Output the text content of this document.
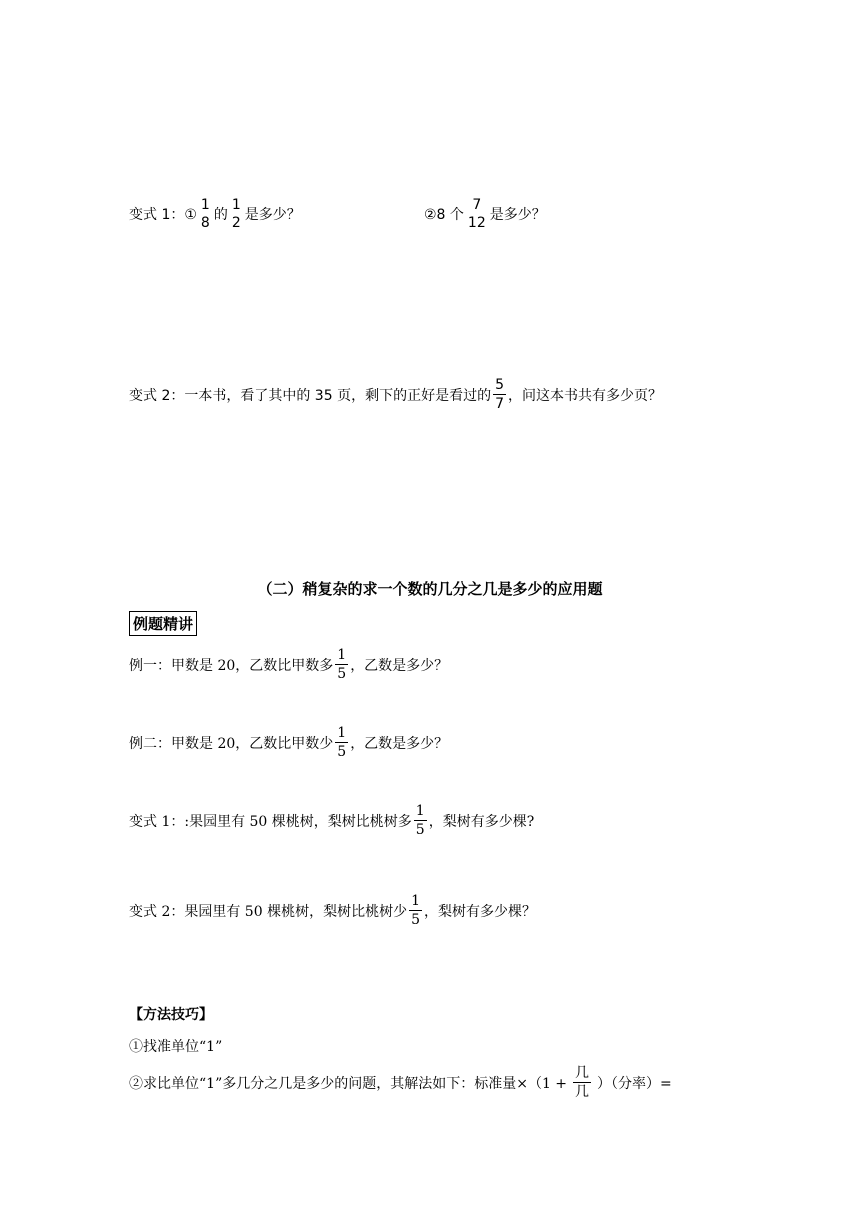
变式 1：①
1
8 的
1
2 是多少？	②8 个
7
12 是多少？
变式 2：一本书，看了其中的 35 页，剩下的正好是看过的 $\frac{5}{7}$ ，问这本书共有多少页？
（二）稍复杂的求一个数的几分之几是多少的应用题
例题精讲
例一：甲数是 20，乙数比甲数多 $\frac{1}{5}$ ，乙数是多少？
例二：甲数是 20，乙数比甲数少 $\frac{1}{5}$ ，乙数是多少？
变式 1：:果园里有 50 棵桃树，梨树比桃树多 $\frac{1}{5}$ ，梨树有多少棵?
变式 2：果园里有 50 棵桃树，梨树比桃树少 $\frac{1}{5}$ ，梨树有多少棵？
【方法技巧】
①找准单位“1”
②求比单位“1”多几分之几是多少的问题，其解法如下：标准量$\times(1 + \frac{\text{几}}{\text{几}}$ ）（分率）=
